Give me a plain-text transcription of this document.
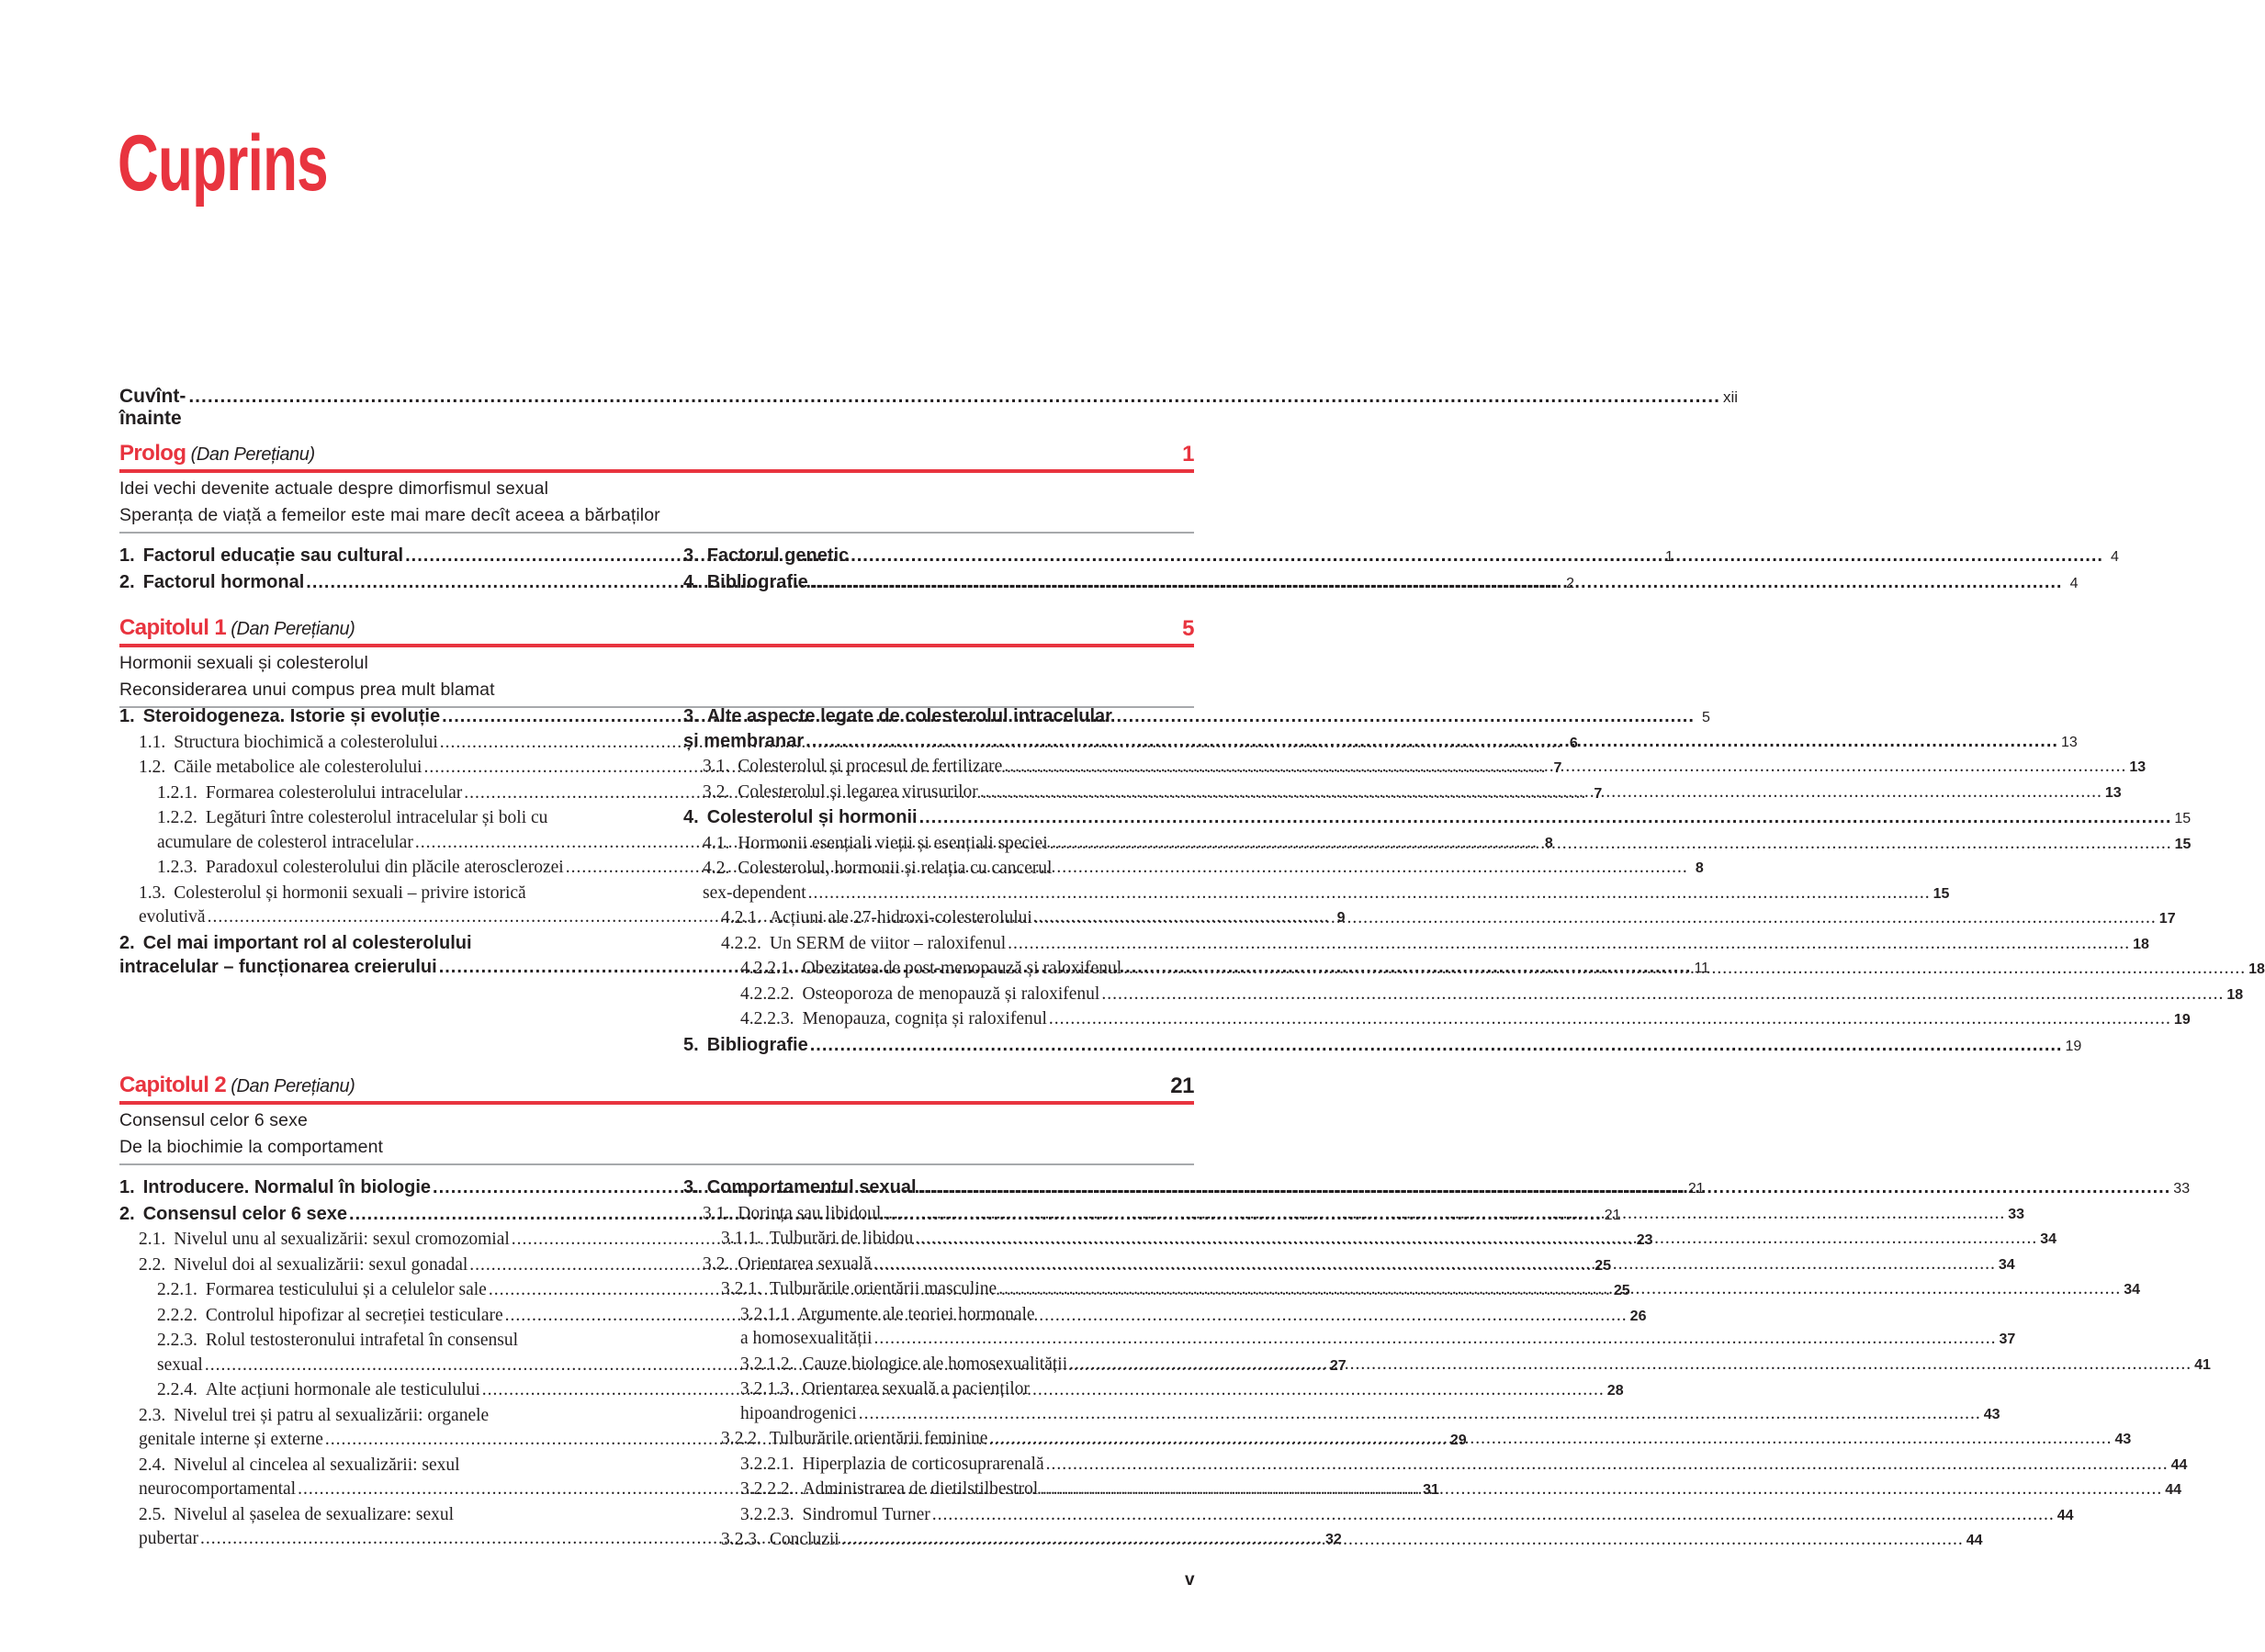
Cuprins
Cuvînt-înainte
.................................................................................................................................................................................................................................................... xii
Prolog (Dan Perețianu)	1
Idei vechi devenite actuale despre dimorfismul sexual
Speranța de viață a femeilor este mai mare decît aceea a bărbaților
1. Factorul educație sau cultural .....	1
2. Factorul hormonal .....	2
3. Factorul genetic .....	4
4. Bibliografie .....	4
Capitolul 1 (Dan Perețianu)	5
Hormonii sexuali și colesterolul
Reconsiderarea unui compus prea mult blamat
1. Steroidogeneza. Istorie și evoluție .....	5
1.1. Structura biochimică a colesterolului .....	6
1.2. Căile metabolice ale colesterolului .....	7
1.2.1. Formarea colesterolului intracelular .....	7
1.2.2. Legături între colesterolul intracelular și boli cu
acumulare de colesterol intracelular .....	8
1.2.3. Paradoxul colesterolului din plăcile aterosclerozei .....	8
1.3. Colesterolul și hormonii sexuali – privire istorică
evolutivă .....	9
2. Cel mai important rol al colesterolului
intracelular – funcționarea creierului .....	11
3. Alte aspecte legate de colesterolul intracelular
și membranar .....	13
3.1. Colesterolul și procesul de fertilizare .....	13
3.2. Colesterolul și legarea virusurilor .....	13
4. Colesterolul și hormonii .....	15
4.1. Hormonii esențiali vieții și esențiali speciei .....	15
4.2. Colesterolul, hormonii și relația cu cancerul
sex-dependent .....	15
4.2.1. Acțiuni ale 27-hidroxi-colesterolului .....	17
4.2.2. Un SERM de viitor – raloxifenul .....	18
4.2.2.1. Obezitatea de post-menopauză și raloxifenul .....	18
4.2.2.2. Osteoporoza de menopauză și raloxifenul .....	18
4.2.2.3. Menopauza, cognița și raloxifenul .....	19
5. Bibliografie .....	19
Capitolul 2 (Dan Perețianu)	21
Consensul celor 6 sexe
De la biochimie la comportament
1. Introducere. Normalul în biologie .....	21
2. Consensul celor 6 sexe .....	21
2.1. Nivelul unu al sexualizării: sexul cromozomial .....	23
2.2. Nivelul doi al sexualizării: sexul gonadal .....	25
2.2.1. Formarea testiculului și a celulelor sale .....	25
2.2.2. Controlul hipofizar al secreției testiculare .....	26
2.2.3. Rolul testosteronului intrafetal în consensul
sexual .....	27
2.2.4. Alte acțiuni hormonale ale testiculului .....	28
2.3. Nivelul trei și patru al sexualizării: organele
genitale interne și externe .....	29
2.4. Nivelul al cincelea al sexualizării: sexul
neurocomportamental .....	31
2.5. Nivelul al șaselea de sexualizare: sexul
pubertar .....	32
3. Comportamentul sexual .....	33
3.1. Dorința sau libidoul .....	33
3.1.1. Tulburări de libidou .....	34
3.2. Orientarea sexuală .....	34
3.2.1. Tulburările orientării masculine .....	34
3.2.1.1 Argumente ale teoriei hormonale
a homosexualității .....	37
3.2.1.2. Cauze biologice ale homosexualității .....	41
3.2.1.3. Orientarea sexuală a pacienților
hipoandrogenici .....	43
3.2.2. Tulburările orientării feminine .....	43
3.2.2.1. Hiperplazia de corticosuprarenală .....	44
3.2.2.2. Administrarea de dietilstilbestrol .....	44
3.2.2.3. Sindromul Turner .....	44
3.2.3. Concluzii .....	44
v
